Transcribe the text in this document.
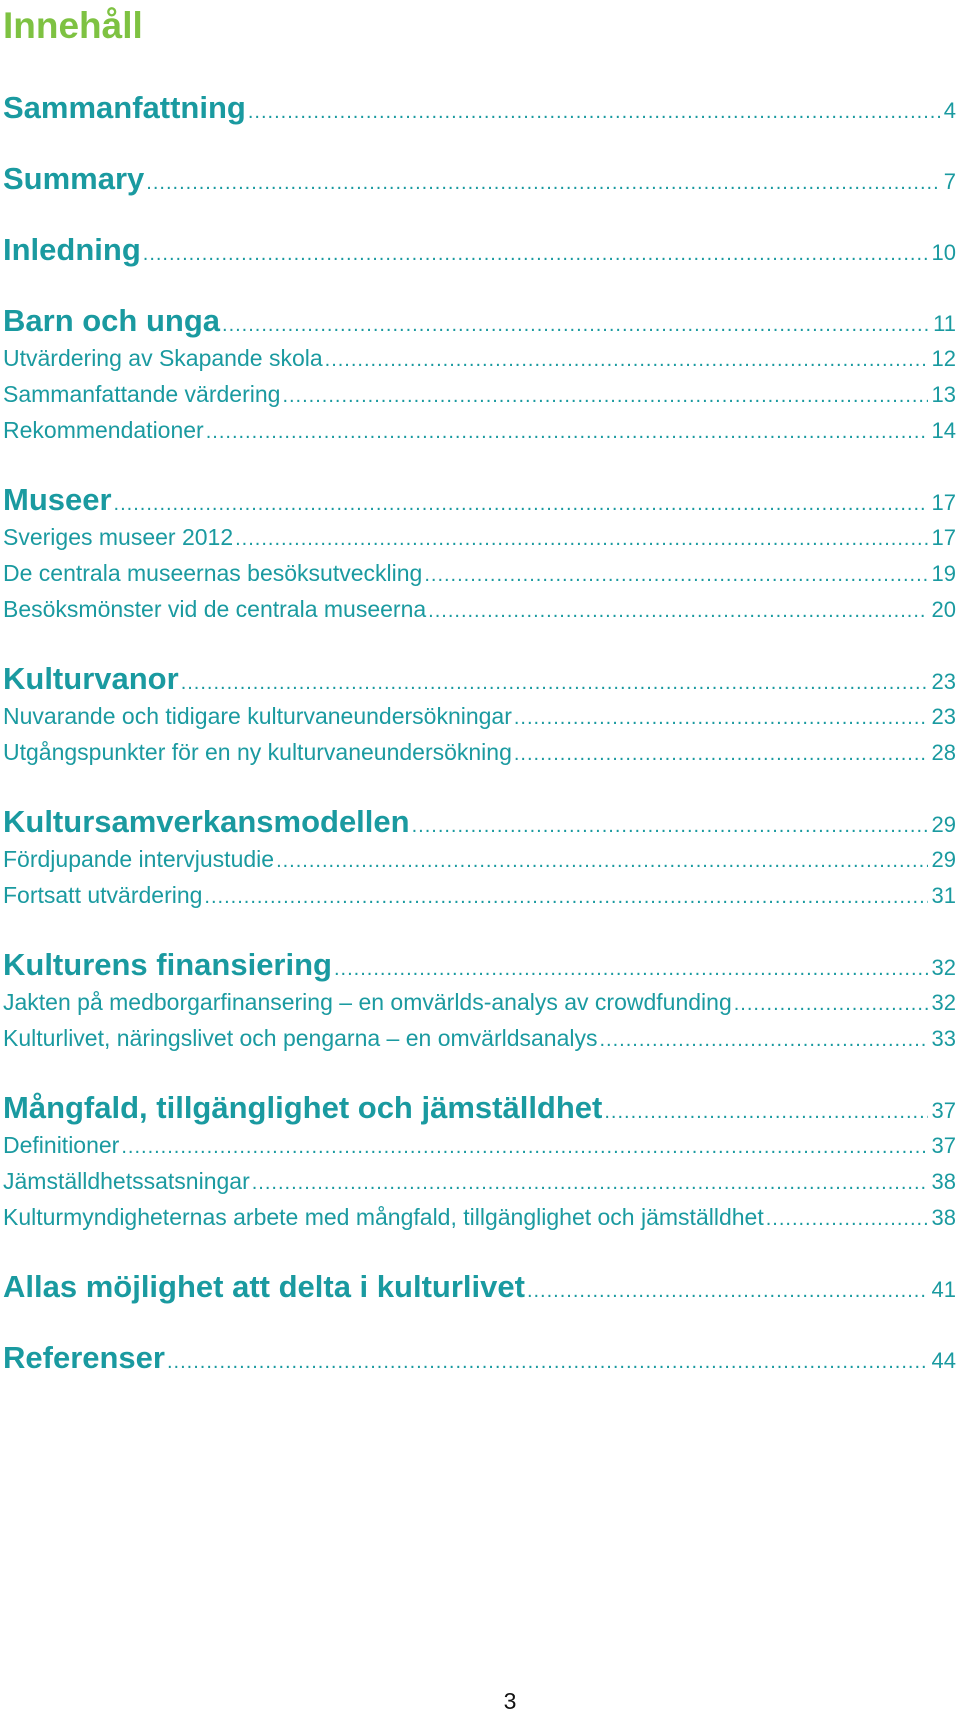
Innehåll
Sammanfattning .....	4
Summary .....	7
Inledning .....	10
Barn och unga .....	11
Utvärdering av Skapande skola .....	12
Sammanfattande värdering .....	13
Rekommendationer .....	14
Museer .....	17
Sveriges museer 2012 .....	17
De centrala museernas besöksutveckling .....	19
Besöksmönster vid de centrala museerna .....	20
Kulturvanor .....	23
Nuvarande och tidigare kulturvaneundersökningar .....	23
Utgångspunkter för en ny kulturvaneundersökning .....	28
Kultursamverkansmodellen .....	29
Fördjupande intervjustudie .....	29
Fortsatt utvärdering .....	31
Kulturens finansiering .....	32
Jakten på medborgarfinansering – en omvärlds-analys av crowdfunding .....	32
Kulturlivet, näringslivet och pengarna – en omvärldsanalys .....	33
Mångfald, tillgänglighet och jämställdhet .....	37
Definitioner .....	37
Jämställdhetssatsningar .....	38
Kulturmyndigheternas arbete med mångfald, tillgänglighet och jämställdhet .....	38
Allas möjlighet att delta i kulturlivet .....	41
Referenser .....	44
3
